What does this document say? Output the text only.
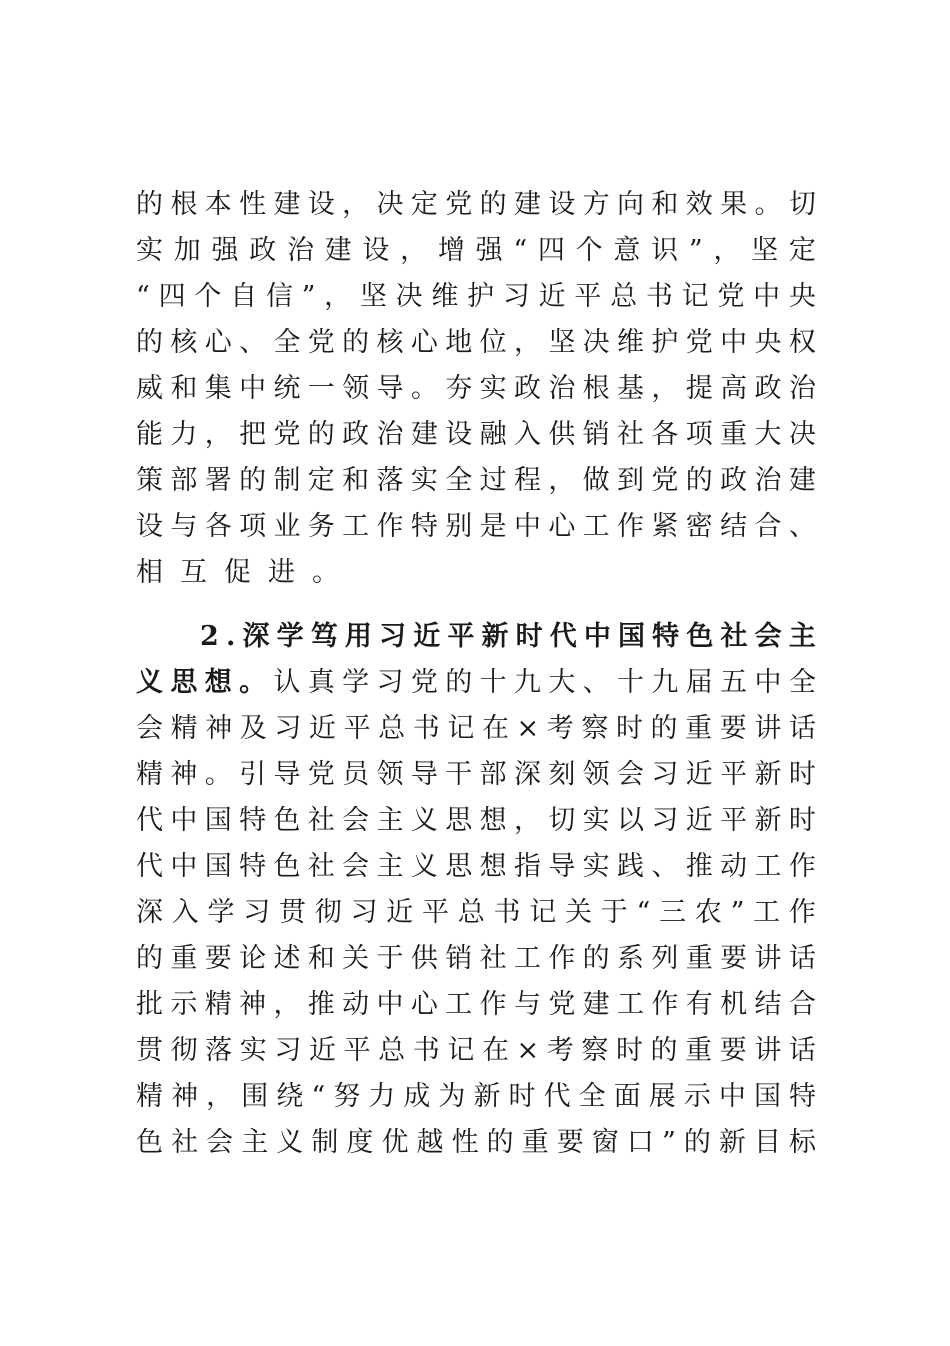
的 根 本 性 建 设 ， 决 定 党 的 建 设 方 向 和 效 果 。 切
实 加 强 政 治 建 设 ， 增 强 “ 四 个 意 识 ” ， 坚 定
“ 四 个 自 信 ” ， 坚 决 维 护 习 近 平 总 书 记 党 中 央
的 核 心 、 全 党 的 核 心 地 位 ， 坚 决 维 护 党 中 央 权
威 和 集 中 统 一 领 导 。 夯 实 政 治 根 基 ， 提 高 政 治
能 力 ， 把 党 的 政 治 建 设 融 入 供 销 社 各 项 重 大 决
策 部 署 的 制 定 和 落 实 全 过 程 ， 做 到 党 的 政 治 建
设 与 各 项 业 务 工 作 特 别 是 中 心 工 作 紧 密 结 合 、
相 互 促 进 。
2 . 深 学 笃 用 习 近 平 新 时 代 中 国 特 色 社 会 主
义 思 想 。 认 真 学 习 党 的 十 九 大 、 十 九 届 五 中 全
会 精 神 及 习 近 平 总 书 记 在 × 考 察 时 的 重 要 讲 话
精 神 。 引 导 党 员 领 导 干 部 深 刻 领 会 习 近 平 新 时
代 中 国 特 色 社 会 主 义 思 想 ， 切 实 以 习 近 平 新 时
代 中 国 特 色 社 会 主 义 思 想 指 导 实 践 、 推 动 工 作
深 入 学 习 贯 彻 习 近 平 总 书 记 关 于 “ 三 农 ” 工 作
的 重 要 论 述 和 关 于 供 销 社 工 作 的 系 列 重 要 讲 话
批 示 精 神 ， 推 动 中 心 工 作 与 党 建 工 作 有 机 结 合
贯 彻 落 实 习 近 平 总 书 记 在 × 考 察 时 的 重 要 讲 话
精 神 ， 围 绕 “ 努 力 成 为 新 时 代 全 面 展 示 中 国 特
色 社 会 主 义 制 度 优 越 性 的 重 要 窗 口 ” 的 新 目 标
